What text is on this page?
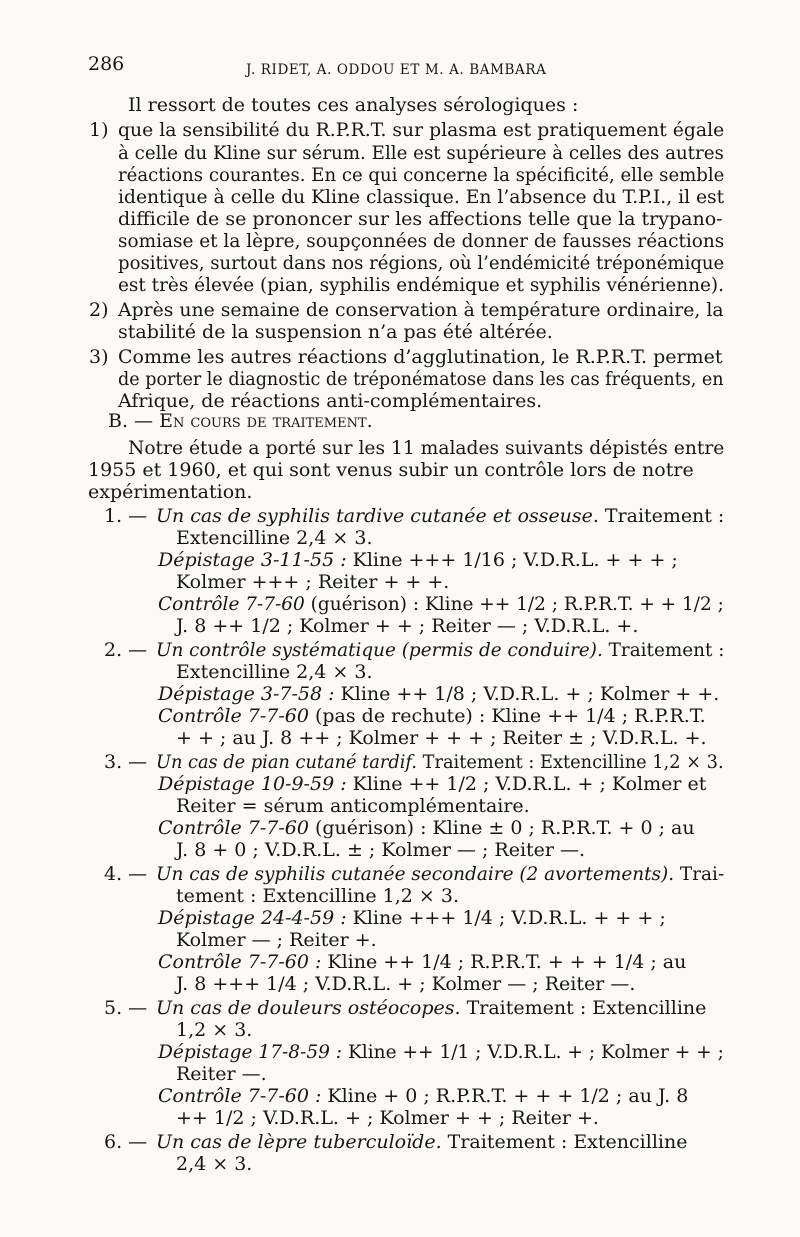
286	J. RIDET, A. ODDOU ET M. A. BAMBARA
Il ressort de toutes ces analyses sérologiques :
1) que la sensibilité du R.P.R.T. sur plasma est pratiquement égale
à celle du Kline sur sérum. Elle est supérieure à celles des autres
réactions courantes. En ce qui concerne la spécificité, elle semble
identique à celle du Kline classique. En l’absence du T.P.I., il est
difficile de se prononcer sur les affections telle que la trypano-
somiase et la lèpre, soupçonnées de donner de fausses réactions
positives, surtout dans nos régions, où l’endémicité tréponémique
est très élevée (pian, syphilis endémique et syphilis vénérienne).
2) Après une semaine de conservation à température ordinaire, la
stabilité de la suspension n’a pas été altérée.
3) Comme les autres réactions d’agglutination, le R.P.R.T. permet
de porter le diagnostic de tréponématose dans les cas fréquents, en
Afrique, de réactions anti-complémentaires.
B. — En cours de traitement.
Notre étude a porté sur les 11 malades suivants dépistés entre
1955 et 1960, et qui sont venus subir un contrôle lors de notre
expérimentation.
1. — Un cas de syphilis tardive cutanée et osseuse. Traitement :
Extencilline 2,4 × 3.
Dépistage 3-11-55 : Kline +++ 1/16 ; V.D.R.L. + + + ;
Kolmer +++ ; Reiter + + +.
Contrôle 7-7-60 (guérison) : Kline ++ 1/2 ; R.P.R.T. + + 1/2 ;
J. 8 ++ 1/2 ; Kolmer + + ; Reiter — ; V.D.R.L. +.
2. — Un contrôle systématique (permis de conduire). Traitement :
Extencilline 2,4 × 3.
Dépistage 3-7-58 : Kline ++ 1/8 ; V.D.R.L. + ; Kolmer + +.
Contrôle 7-7-60 (pas de rechute) : Kline ++ 1/4 ; R.P.R.T.
+ + ; au J. 8 ++ ; Kolmer + + + ; Reiter ± ; V.D.R.L. +.
3. — Un cas de pian cutané tardif. Traitement : Extencilline 1,2 × 3.
Dépistage 10-9-59 : Kline ++ 1/2 ; V.D.R.L. + ; Kolmer et
Reiter = sérum anticomplémentaire.
Contrôle 7-7-60 (guérison) : Kline ± 0 ; R.P.R.T. + 0 ; au
J. 8 + 0 ; V.D.R.L. ± ; Kolmer — ; Reiter —.
4. — Un cas de syphilis cutanée secondaire (2 avortements). Trai-
tement : Extencilline 1,2 × 3.
Dépistage 24-4-59 : Kline +++ 1/4 ; V.D.R.L. + + + ;
Kolmer — ; Reiter +.
Contrôle 7-7-60 : Kline ++ 1/4 ; R.P.R.T. + + + 1/4 ; au
J. 8 +++ 1/4 ; V.D.R.L. + ; Kolmer — ; Reiter —.
5. — Un cas de douleurs ostéocopes. Traitement : Extencilline
1,2 × 3.
Dépistage 17-8-59 : Kline ++ 1/1 ; V.D.R.L. + ; Kolmer + + ;
Reiter —.
Contrôle 7-7-60 : Kline + 0 ; R.P.R.T. + + + 1/2 ; au J. 8
++ 1/2 ; V.D.R.L. + ; Kolmer + + ; Reiter +.
6. — Un cas de lèpre tuberculoïde. Traitement : Extencilline
2,4 × 3.
